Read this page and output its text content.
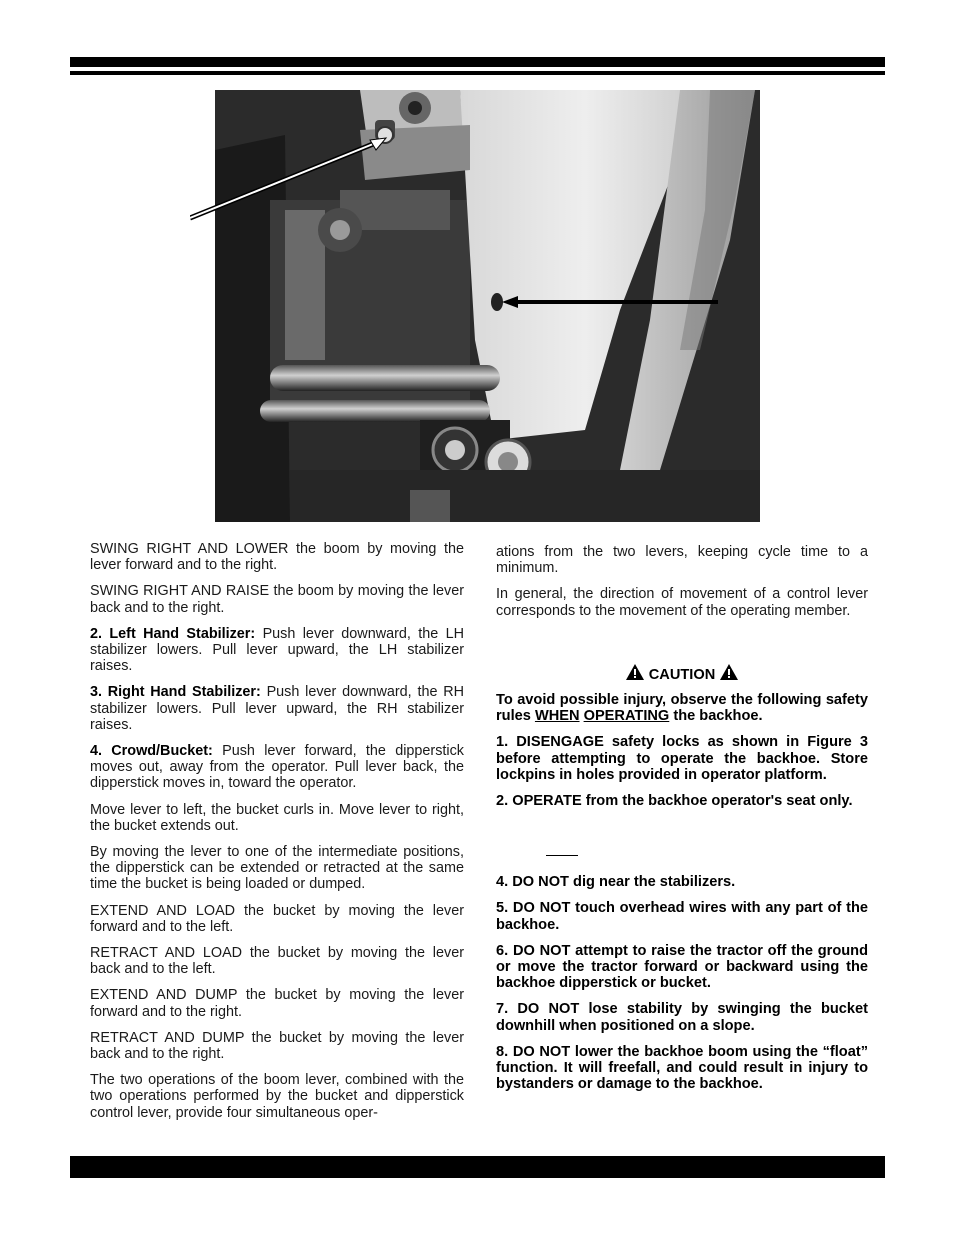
SWING RIGHT AND LOWER the boom by moving the lever forward and to the right.

SWING RIGHT AND RAISE the boom by moving the lever back and to the right.

2. Left Hand Stabilizer: Push lever downward, the LH stabilizer lowers. Pull lever upward, the LH stabilizer raises.

3. Right Hand Stabilizer: Push lever downward, the RH stabilizer lowers. Pull lever upward, the RH stabilizer raises.

4. Crowd/Bucket: Push lever forward, the dipperstick moves out, away from the operator. Pull lever back, the dipperstick moves in, toward the operator.

Move lever to left, the bucket curls in. Move lever to right, the bucket extends out.

By moving the lever to one of the intermediate positions, the dipperstick can be extended or retracted at the same time the bucket is being loaded or dumped.

EXTEND AND LOAD the bucket by moving the lever forward and to the left.

RETRACT AND LOAD the bucket by moving the lever back and to the left.

EXTEND AND DUMP the bucket by moving the lever forward and to the right.

RETRACT AND DUMP the bucket by moving the lever back and to the right.

The two operations of the boom lever, combined with the two operations performed by the bucket and dipperstick control lever, provide four simultaneous oper-

ations from the two levers, keeping cycle time to a minimum.

In general, the direction of movement of a control lever corresponds to the movement of the operating member.

CAUTION

To avoid possible injury, observe the following safety rules WHEN OPERATING the backhoe.

1. DISENGAGE safety locks as shown in Figure 3 before attempting to operate the backhoe. Store lockpins in holes provided in operator platform.

2. OPERATE from the backhoe operator's seat only.

4. DO NOT dig near the stabilizers.

5. DO NOT touch overhead wires with any part of the backhoe.

6. DO NOT attempt to raise the tractor off the ground or move the tractor forward or backward using the backhoe dipperstick or bucket.

7. DO NOT lose stability by swinging the bucket downhill when positioned on a slope.

8. DO NOT lower the backhoe boom using the “float” function. It will freefall, and could result in injury to bystanders or damage to the backhoe.
